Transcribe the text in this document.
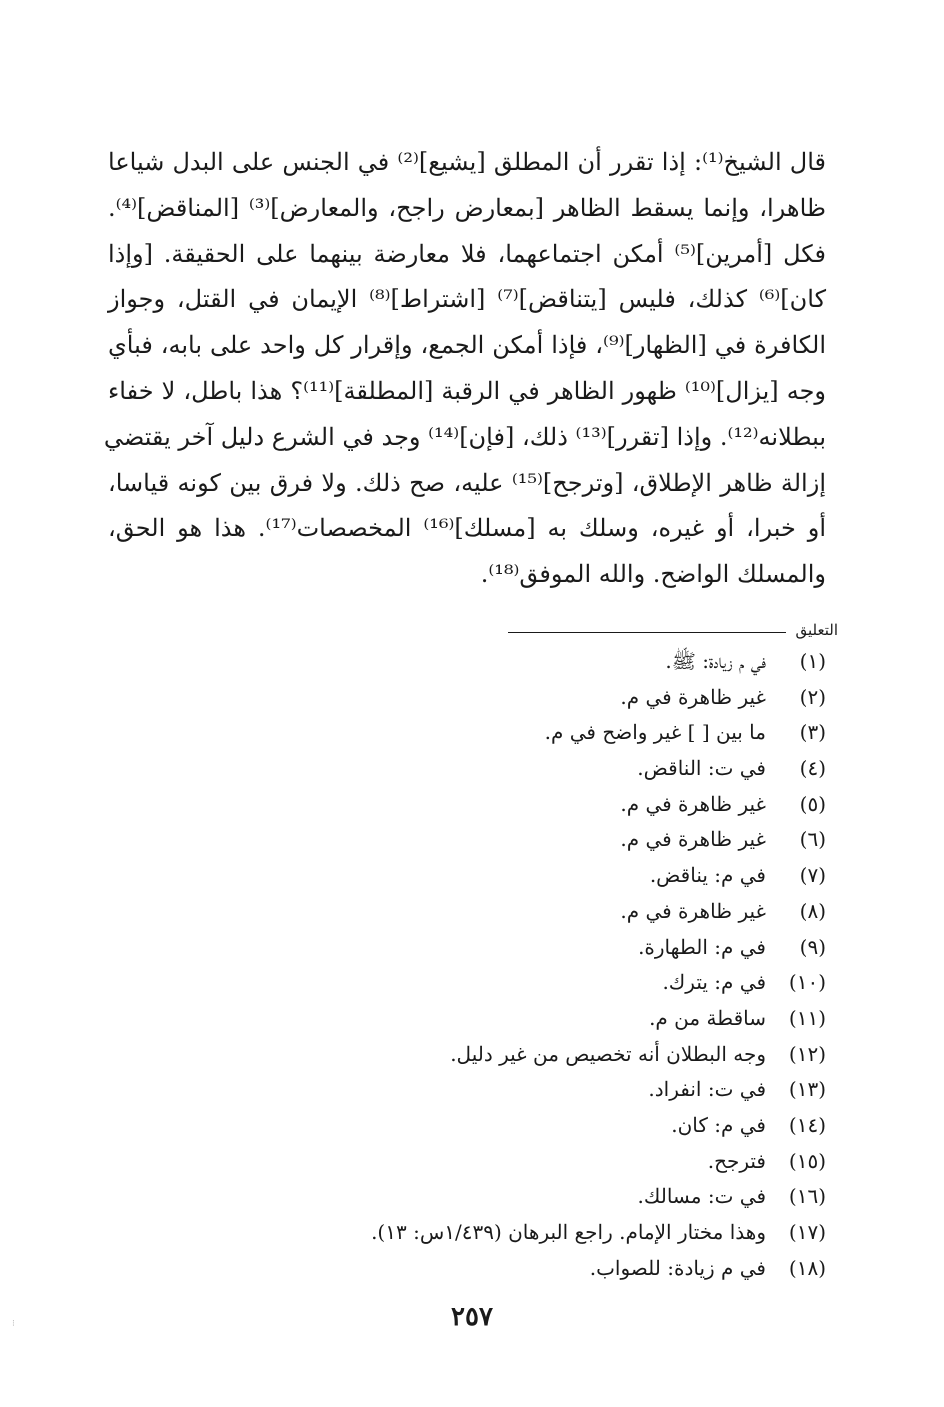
قال الشيخ⁽¹⁾: إذا تقرر أن المطلق [يشيع]⁽²⁾ في الجنس على البدل شياعا
ظاهرا، وإنما يسقط الظاهر [بمعارض راجح، والمعارض]⁽³⁾ [المناقض]⁽⁴⁾.
فكل [أمرين]⁽⁵⁾ أمكن اجتماعهما، فلا معارضة بينهما على الحقيقة. [وإذا
كان]⁽⁶⁾ كذلك، فليس [يتناقض]⁽⁷⁾ [اشتراط]⁽⁸⁾ الإيمان في القتل، وجواز
الكافرة في [الظهار]⁽⁹⁾، فإذا أمكن الجمع، وإقرار كل واحد على بابه، فبأي
وجه [يزال]⁽¹⁰⁾ ظهور الظاهر في الرقبة [المطلقة]⁽¹¹⁾؟ هذا باطل، لا خفاء
ببطلانه⁽¹²⁾. وإذا [تقرر]⁽¹³⁾ ذلك، [فإن]⁽¹⁴⁾ وجد في الشرع دليل آخر يقتضي
إزالة ظاهر الإطلاق، [وترجح]⁽¹⁵⁾ عليه، صح ذلك. ولا فرق بين كونه قياسا،
أو خبرا، أو غيره، وسلك به [مسلك]⁽¹⁶⁾ المخصصات⁽¹⁷⁾. هذا هو الحق،
والمسلك الواضح. والله الموفق⁽¹⁸⁾.
التعليق
(١)في م زيادة: ﷺ.
(٢)غير ظاهرة في م.
(٣)ما بين [ ] غير واضح في م.
(٤)في ت: الناقض.
(٥)غير ظاهرة في م.
(٦)غير ظاهرة في م.
(٧)في م: يناقض.
(٨)غير ظاهرة في م.
(٩)في م: الطهارة.
(١٠)في م: يترك.
(١١)ساقطة من م.
(١٢)وجه البطلان أنه تخصيص من غير دليل.
(١٣)في ت: انفراد.
(١٤)في م: كان.
(١٥)فترجح.
(١٦)في ت: مسالك.
(١٧)وهذا مختار الإمام. راجع البرهان (١/٤٣٩س: ١٣).
(١٨)في م زيادة: للصواب.
٢٥٧
⁝
